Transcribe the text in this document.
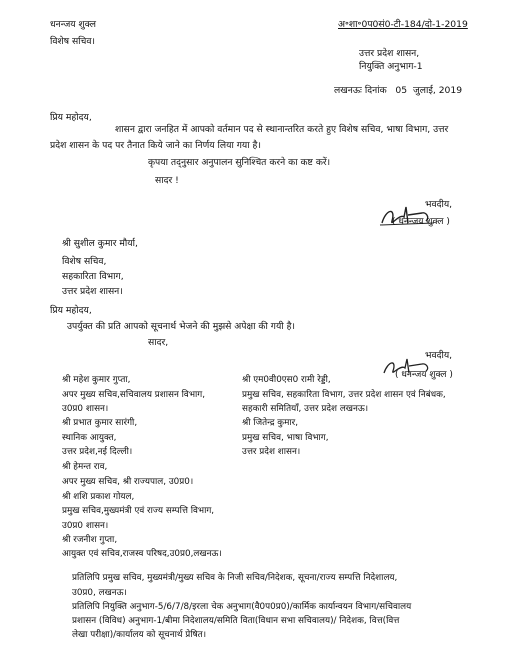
धनन्जय शुक्ल
विशेष सचिव।
अ॰शा॰0प0सं0-टी-184/दो-1-2019
उत्तर प्रदेश शासन,
नियुक्ति अनुभाग-1
लखनऊः दिनांक 05 जुलाई, 2019
प्रिय महोदय,
शासन द्वारा जनहित में आपको वर्तमान पद से स्थानान्तरित करते हुए विशेष सचिव, भाषा विभाग, उत्तर
प्रदेश शासन के पद पर तैनात किये जाने का निर्णय लिया गया है।
कृपया तद्नुसार अनुपालन सुनिश्चित करने का कष्ट करें।
सादर !
भवदीय,
( धनन्जय शुक्ल )
श्री सुशील कुमार मौर्या,
विशेष सचिव,
सहकारिता विभाग,
उत्तर प्रदेश शासन।
प्रिय महोदय,
उपर्युक्त की प्रति आपको सूचनार्थ भेजने की मुझसे अपेक्षा की गयी है।
सादर,
भवदीय,
( धनन्जय शुक्ल )
श्री महेश कुमार गुप्ता,
अपर मुख्य सचिव,सचिवालय प्रशासन विभाग,
उ0प्र0 शासन।
श्री प्रभात कुमार सारंगी,
स्थानिक आयुक्त,
उत्तर प्रदेश,नई दिल्ली।
श्री हेमन्त राव,
अपर मुख्य सचिव, श्री राज्यपाल, उ0प्र0।
श्री शशि प्रकाश गोयल,
प्रमुख सचिव,मुख्यमंत्री एवं राज्य सम्पत्ति विभाग,
उ0प्र0 शासन।
श्री रजनीश गुप्ता,
आयुक्त एवं सचिव,राजस्व परिषद,उ0प्र0,लखनऊ।
श्री एम0वी0एस0 रामी रेड्डी,
प्रमुख सचिव, सहकारिता विभाग, उत्तर प्रदेश शासन एवं निबंधक,
सहकारी समितियाँ, उत्तर प्रदेश लखनऊ।
श्री जितेन्द्र कुमार,
प्रमुख सचिव, भाषा विभाग,
उत्तर प्रदेश शासन।
प्रतिलिपि प्रमुख सचिव, मुख्यमंत्री/मुख्य सचिव के निजी सचिव/निदेशक, सूचना/राज्य सम्पत्ति निदेशालय,
उ0प्र0, लखनऊ।
प्रतिलिपि नियुक्ति अनुभाग-5/6/7/8/इरला चेक अनुभाग(वै0प0प्र0)/कार्मिक कार्यान्वयन विभाग/सचिवालय
प्रशासन (विविध) अनुभाग-1/बीमा निदेशालय/समिति विता(विधान सभा सचिवालय)/ निदेशक, वित्त(वित्त
लेखा परीक्षा)/कार्यालय को सूचनार्थ प्रेषित।
